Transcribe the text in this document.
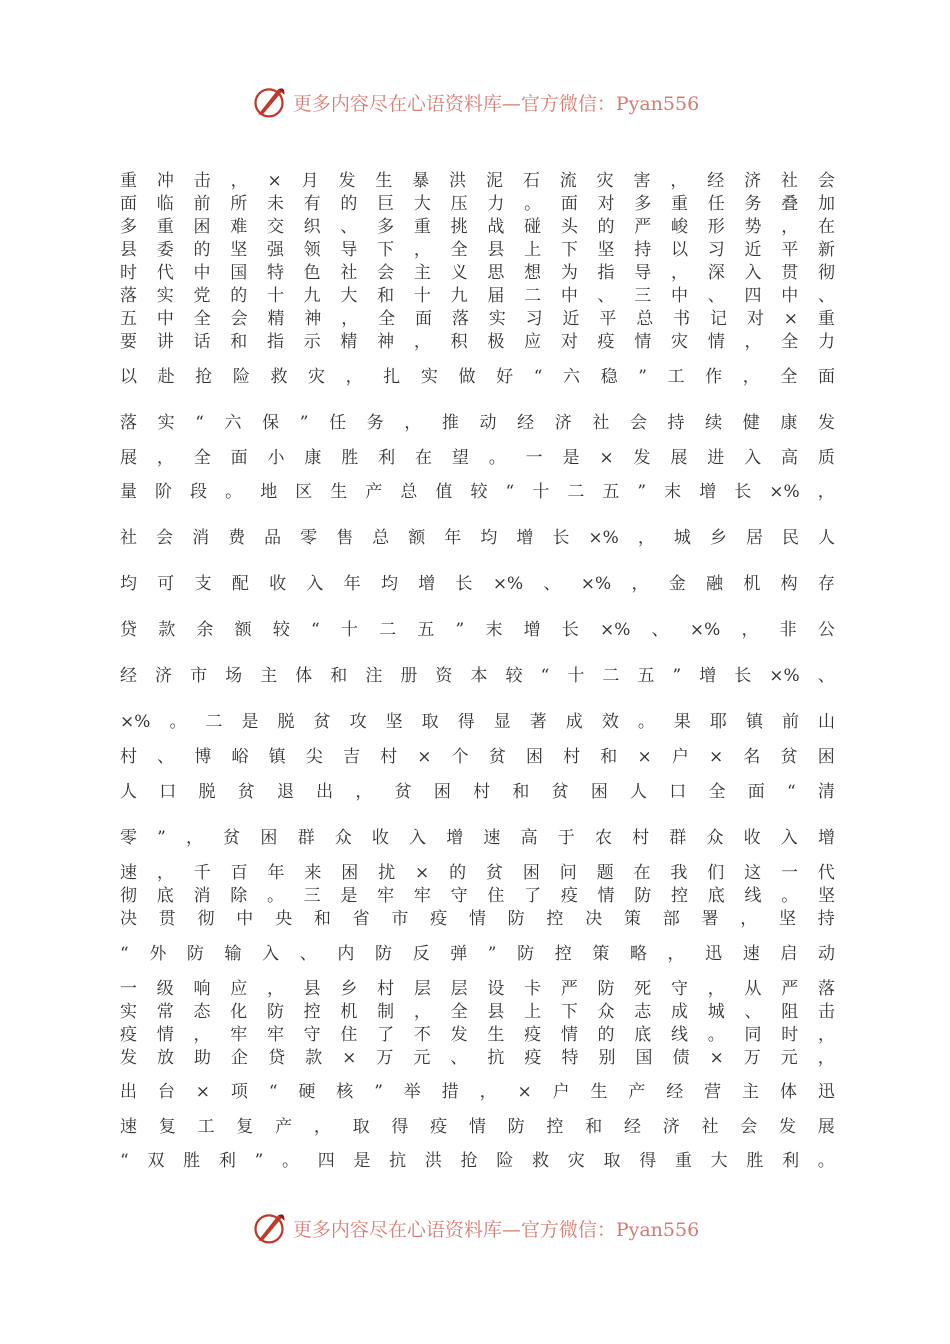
更多内容尽在心语资料库—官方微信：Pyan556
重 冲 击 ， × 月 发 生 暴 洪 泥 石 流 灾 害 ， 经 济 社 会
面 临 前 所 未 有 的 巨 大 压 力 。 面 对 多 重 任 务 叠 加
多 重 困 难 交 织 、 多 重 挑 战 碰 头 的 严 峻 形 势 ， 在
县 委 的 坚 强 领 导 下 ， 全 县 上 下 坚 持 以 习 近 平 新
时 代 中 国 特 色 社 会 主 义 思 想 为 指 导 ， 深 入 贯 彻
落 实 党 的 十 九 大 和 十 九 届 二 中 、 三 中 、 四 中 、
五 中 全 会 精 神 ， 全 面 落 实 习 近 平 总 书 记 对 × 重
要 讲 话 和 指 示 精 神 ， 积 极 应 对 疫 情 灾 情 ， 全 力
以 赴 抢 险 救 灾 ， 扎 实 做 好 “ 六 稳 ” 工 作 ， 全 面
落 实 “ 六 保 ” 任 务 ， 推 动 经 济 社 会 持 续 健 康 发
展 ， 全 面 小 康 胜 利 在 望 。 一 是 × 发 展 进 入 高 质
量 阶 段 。 地 区 生 产 总 值 较 “ 十 二 五 ” 末 增 长 ×% ，
社 会 消 费 品 零 售 总 额 年 均 增 长 ×% ， 城 乡 居 民 人
均 可 支 配 收 入 年 均 增 长 ×% 、 ×% ， 金 融 机 构 存
贷 款 余 额 较 “ 十 二 五 ” 末 增 长 ×% 、 ×% ， 非 公
经 济 市 场 主 体 和 注 册 资 本 较 “ 十 二 五 ” 增 长 ×% 、
×% 。 二 是 脱 贫 攻 坚 取 得 显 著 成 效 。 果 耶 镇 前 山
村 、 博 峪 镇 尖 吉 村 × 个 贫 困 村 和 × 户 × 名 贫 困
人 口 脱 贫 退 出 ， 贫 困 村 和 贫 困 人 口 全 面 “ 清
零 ” ， 贫 困 群 众 收 入 增 速 高 于 农 村 群 众 收 入 增
速 ， 千 百 年 来 困 扰 × 的 贫 困 问 题 在 我 们 这 一 代
彻 底 消 除 。 三 是 牢 牢 守 住 了 疫 情 防 控 底 线 。 坚
决 贯 彻 中 央 和 省 市 疫 情 防 控 决 策 部 署 ， 坚 持
“ 外 防 输 入 、 内 防 反 弹 ” 防 控 策 略 ， 迅 速 启 动
一 级 响 应 ， 县 乡 村 层 层 设 卡 严 防 死 守 ， 从 严 落
实 常 态 化 防 控 机 制 ， 全 县 上 下 众 志 成 城 、 阻 击
疫 情 ， 牢 牢 守 住 了 不 发 生 疫 情 的 底 线 。 同 时 ，
发 放 助 企 贷 款 × 万 元 、 抗 疫 特 别 国 债 × 万 元 ，
出 台 × 项 “ 硬 核 ” 举 措 ， × 户 生 产 经 营 主 体 迅
速 复 工 复 产 ， 取 得 疫 情 防 控 和 经 济 社 会 发 展
“ 双 胜 利 ” 。 四 是 抗 洪 抢 险 救 灾 取 得 重 大 胜 利 。
更多内容尽在心语资料库—官方微信：Pyan556
